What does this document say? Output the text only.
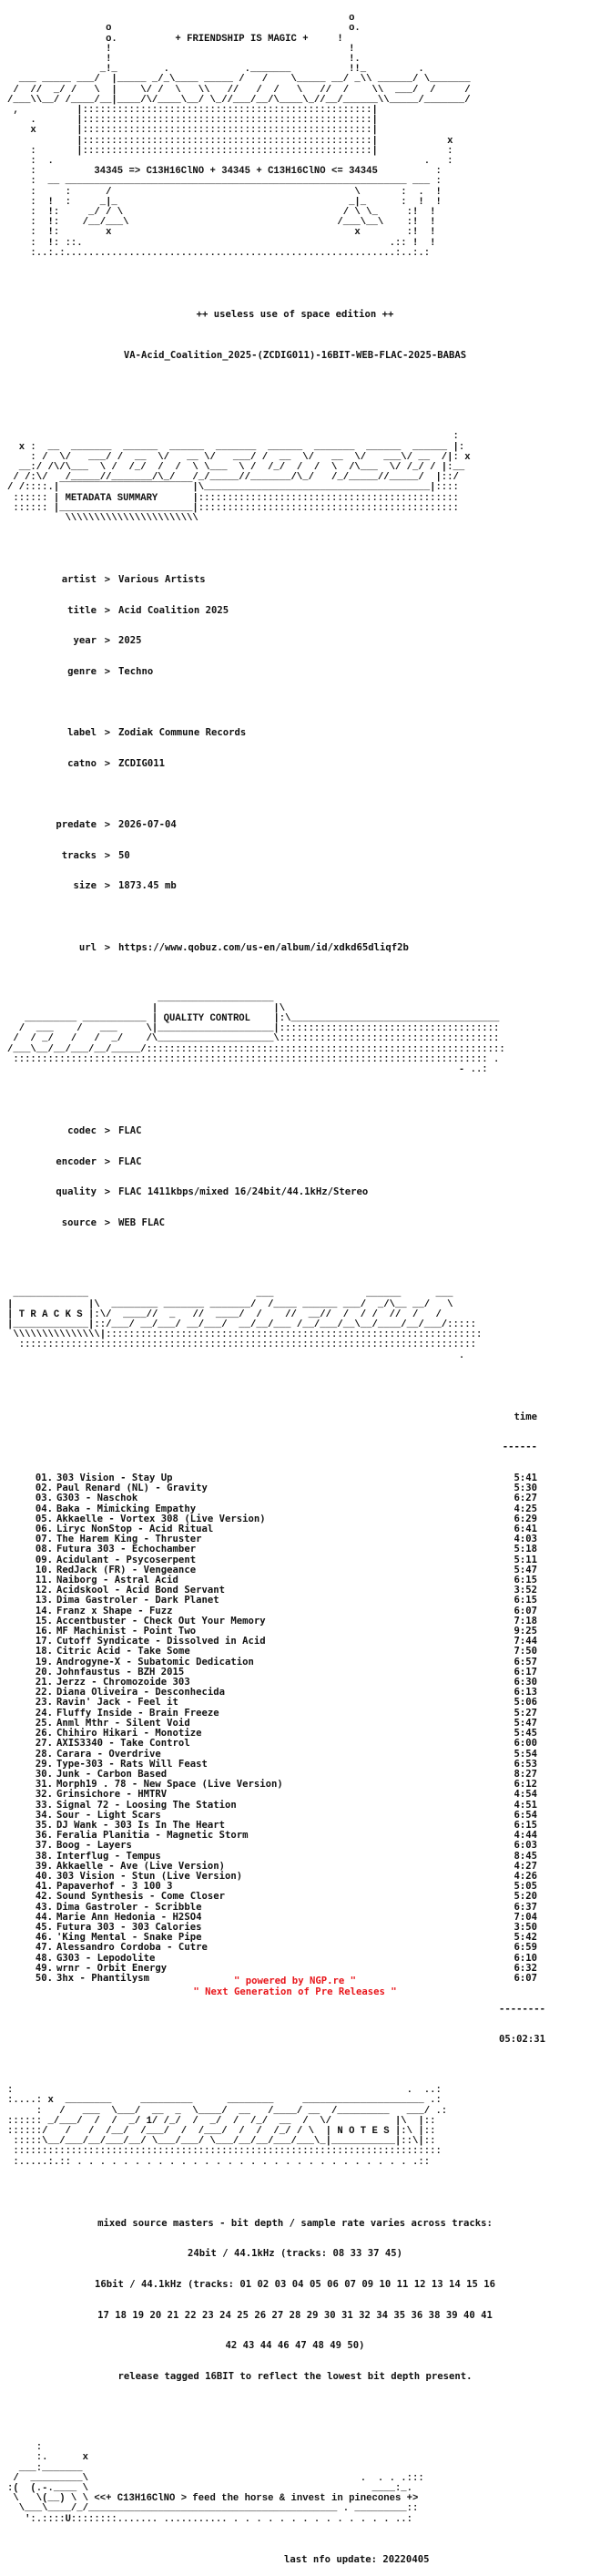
o
o                                         o.
o.	+ FRIENDSHIP IS MAGIC +	!
!                                         !
!                                         !.
_!_        .             ._______          !!_         .
___ _____ ___/  |_____ _/_\____ _____ /   /    \_____ __/ _\\ ______/ \_______
/  //  _/ /   \  |    \/ /  \   \\   //   /  /   \   //  /    \\  ___/  /     /
/___\\__/ /____/__|____/\/____\__/ \_//___/__/\____\_//__/______\\_____/_______/
,          |::::::::::::::::::::::::::::::::::::::::::::::::::|
.       |::::::::::::::::::::::::::::::::::::::::::::::::::|
x       |::::::::::::::::::::::::::::::::::::::::::::::::::|
|::::::::::::::::::::::::::::::::::::::::::::::::::|            x
:       |::::::::::::::::::::::::::::::::::::::::::::::::::|            :
:  .                                                                .   :
:	34345 => C13H16ClNO + 34345 + C13H16ClNO <= 34345	:
:  __ ___________________________________________________________ ___ :
:     :      /                                          \       :  .  !
:  !  :     _|_                                        _|_      :  !  !
:  !:     _/ / \                                      / \ \_     :!  !
:  !:    /__/___\                                    /___\__\    :!  !
:  !:        x                                          x        :!  !
:  !: ::.                                                     .:: !  !
:..:.:.........................................................:..:.:

++ useless use of space edition ++

VA-Acid_Coalition_2025-(ZCDIG011)-16BIT-WEB-FLAC-2025-BABAS

:
x :  __  _______  ______  ______  _______  ______  _______  ______  ______ |:
: /  \/   ___/ /  __  \/   __ \/   ___/ /  __  \/   __  \/   ___\/ __  /|: x
__:/ /\/\___  \ /  /_/  /  /  \ \___  \ /  /_/  /  /  \  /\___  \/ /_/ / |:__
/ /:\/   /_____//_______/\_/   /_/_____//_______/\_/   /_/_____//_____/  |::/
/ /::::.|¯¯¯¯¯¯¯¯¯¯¯¯¯¯¯¯¯¯¯¯¯¯¯|\_______________________________________|::::
:::::: | METADATA SUMMARY	|:::::::::::::::::::::::::::::::::::::::::::::
:::::: |_______________________|:::::::::::::::::::::::::::::::::::::::::::::
\\\\\\\\\\\\\\\\\\\\\\\

artist > Various Artists

title > Acid Coalition 2025

year > 2025

genre > Techno

label > Zodiak Commune Records

catno > ZCDIG011

predate > 2026-07-04

tracks > 50

size > 1873.45 mb

url > https://www.qobuz.com/us-en/album/id/xdkd65dliqf2b

____________________
|                    |\
_________ ___________ | QUALITY CONTROL    |:\____________________________________
/  ___    /   ___     \|____________________|::::::::::::::::::::::::::::::::::::::
/  / _/   /   /  _/    /\____________________\::::::::::::::::::::::::::::::::::::::
/___\__/__/___/__/_____/::::::::::::::::::::::::::::::::::::::::::::::::::::::::::::::
:::::::::::::::::::::::::::::::::::::::::::::::::::::::::::::::::::::::::::::::::: .
- ..:

codec > FLAC

encoder > FLAC

quality > FLAC 1411kbps/mixed 16/24bit/44.1kHz/Stereo

source > WEB FLAC

_____________                             ___                ______      ___
|             |\  ________ _______ _______/  /____ ______ ___/  _/\__ __/   \
| T R A C K S |:\/  ____//  _   //  ____/  /    //  __//  /  / /  //  /   /
|_____________|::/___/ __/___/ __/___/  __/__/___ /__/___/__\__/____/__/___/:::::
\\\\\\\\\\\\\\\|:::::::::::::::::::::::::::::::::::::::::::::::::::::::::::::::::
:::::::::::::::::::::::::::::::::::::::::::::::::::::::::::::::::::::::::::::::
.

time

------

01. 303 Vision - Stay Up	5:41
02. Paul Renard (NL) - Gravity	5:30
03. G303 - Naschok	6:27
04. Baka - Mimicking Empathy	4:25
05. Akkaelle - Vortex 308 (Live Version)	6:29
06. Liryc NonStop - Acid Ritual	6:41
07. The Harem King - Thruster	4:03
08. Futura 303 - Echochamber	5:18
09. Acidulant - Psycoserpent	5:11
10. RedJack (FR) - Vengeance	5:47
11. Naiborg - Astral Acid	6:15
12. Acidskool - Acid Bond Servant	3:52
13. Dima Gastroler - Dark Planet	6:15
14. Franz x Shape - Fuzz	6:07
15. Accentbuster - Check Out Your Memory	7:18
16. MF Machinist - Point Two	9:25
17. Cutoff Syndicate - Dissolved in Acid	7:44
18. Citric Acid - Take Some	7:50
19. Androgyne-X - Subatomic Dedication	6:57
20. Johnfaustus - BZH 2015	6:17
21. Jerzz - Chromozoide 303	6:30
22. Diana Oliveira - Desconhecida	6:13
23. Ravin' Jack - Feel it	5:06
24. Fluffy Inside - Brain Freeze	5:27
25. Anml Mthr - Silent Void	5:47
26. Chihiro Hikari - Monotize	5:45
27. AXIS3340 - Take Control	6:00
28. Carara - Overdrive	5:54
29. Type-303 - Rats Will Feast	6:53
30. Junk - Carbon Based	8:27
31. Morph19 . 78 - New Space (Live Version)	6:12
32. Grinsichore - HMTRV	4:54
33. Signal 72 - Loosing The Station	4:51
34. Sour - Light Scars	6:54
35. DJ Wank - 303 Is In The Heart	6:15
36. Feralia Planitia - Magnetic Storm	4:44
37. Boog - Layers	6:03
38. Interflug - Tempus	8:45
39. Akkaelle - Ave (Live Version)	4:27
40. 303 Vision - Stun (Live Version)	4:26
41. Papaverhof - 3 100 3	5:05
42. Sound Synthesis - Come Closer	5:20
43. Dima Gastroler - Scribble	6:37
44. Marie Ann Hedonia - H2SO4	7:04
45. Futura 303 - 303 Calories	3:50
46. 'King Mental - Snake Pipe	5:42
47. Alessandro Cordoba - Cutre	6:59
48. G303 - Lepodolite	6:10
49. wrnr - Orbit Energy	6:32
50. 3hx - Phantilysm	6:07

--------

05:02:31

:                                                                    .  ..:
:....: x  ________     _________      ________     _____________________ .:
:   /   ___  \___/  __  _  \____/  __   /____/ __  /_________   ___/ .:
:::::: _/___/  /  /  _/ 1/ /_/  /  _/  /  /_/  __  /  \/           |\  |::
::::::/   /   /  /__/  /___/  /  /___/  /  /  /_/ / \  | N O T E S |:\ |::
:::::\__/___/__/___/__/ \___/___/ \___/__/__/___/___\_|___________|::\|::
::::::::::::::::::::::::::::::::::::::::::::::::::::::::::::::::::::::::::
:.....:.:: . . . . . . . . . . . . . . . . . . . . . . . . . . . . . .::

mixed source masters - bit depth / sample rate varies across tracks:

24bit / 44.1kHz (tracks: 08 33 37 45)

16bit / 44.1kHz (tracks: 01 02 03 04 05 06 07 09 10 11 12 13 14 15 16

17 18 19 20 21 22 23 24 25 26 27 28 29 30 31 32 34 35 36 38 39 40 41

42 43 44 46 47 48 49 50)

release tagged 16BIT to reflect the lowest bit depth present.

:
:.      x
___:_______
/  _________\                                               .  . . .:::
:(  (.-.____ \                                                 ____:_.
\   \(__) \ \ <<+ C13H16ClNO > feed the horse & invest in pinecones +>
\___\____/_/___________________________________________ . _________::
':.::::U::::::::....... ........... . . . . . . . . . . . . . . ..:

last nfo update: 20220405

" powered by NGP.re "
" Next Generation of Pre Releases "
